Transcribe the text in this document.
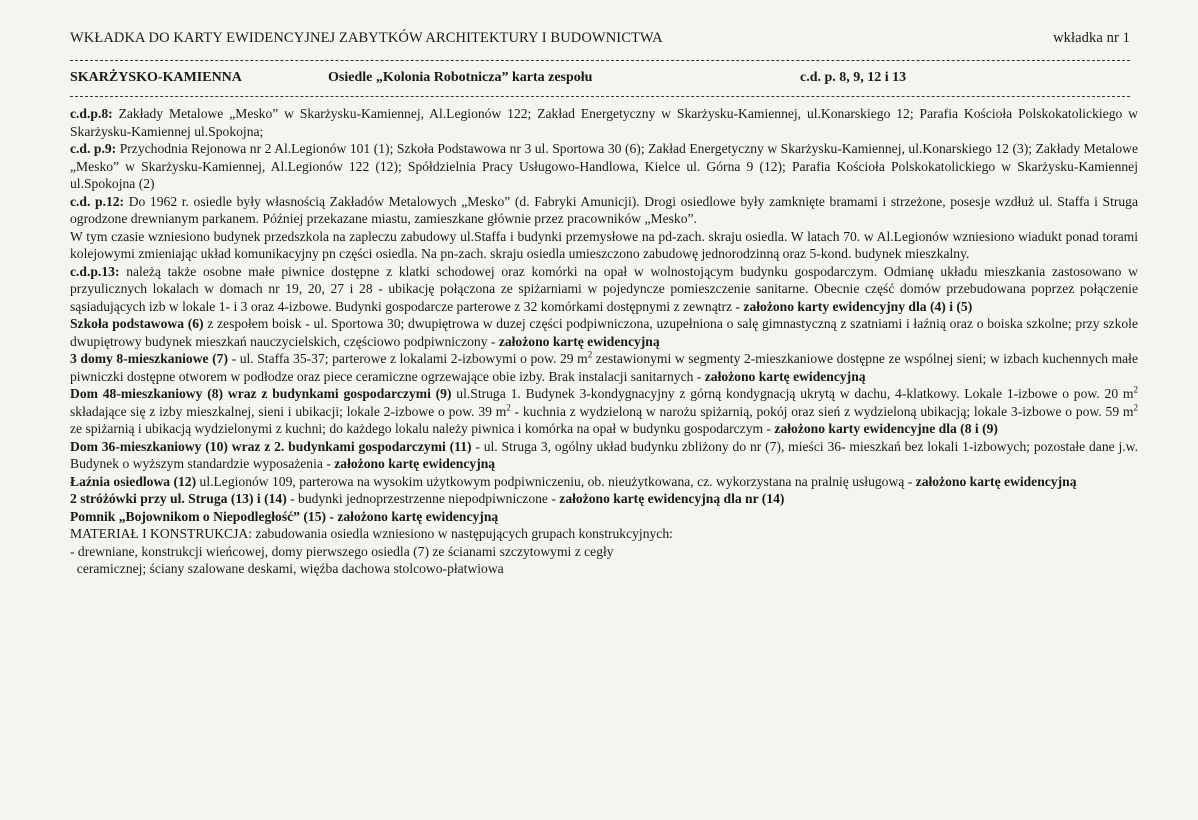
WKŁADKA DO KARTY EWIDENCYJNEJ ZABYTKÓW ARCHITEKTURY I BUDOWNICTWA	wkładka nr 1
SKARŻYSKO-KAMIENNA	Osiedle „Kolonia Robotnicza” karta zespołu	c.d. p. 8, 9, 12 i 13

c.d.p.8: Zakłady Metalowe „Mesko” w Skarżysku-Kamiennej, Al.Legionów 122; Zakład Energetyczny w Skarżysku-Kamiennej, ul.Konarskiego 12; Parafia Kościoła Polskokatolickiego w Skarżysku-Kamiennej ul.Spokojna;

c.d. p.9: Przychodnia Rejonowa nr 2 Al.Legionów 101 (1); Szkoła Podstawowa nr 3 ul. Sportowa 30 (6); Zakład Energetyczny w Skarżysku-Kamiennej, ul.Konarskiego 12 (3); Zakłady Metalowe „Mesko” w Skarżysku-Kamiennej, Al.Legionów 122 (12); Spółdzielnia Pracy Usługowo-Handlowa, Kielce ul. Górna 9 (12); Parafia Kościoła Polskokatolickiego w Skarżysku-Kamiennej ul.Spokojna (2)

c.d. p.12: Do 1962 r. osiedle były własnością Zakładów Metalowych „Mesko” (d. Fabryki Amunicji). Drogi osiedlowe były zamknięte bramami i strzeżone, posesje wzdłuż ul. Staffa i Struga ogrodzone drewnianym parkanem. Później przekazane miastu, zamieszkane głównie przez pracowników „Mesko”.

W tym czasie wzniesiono budynek przedszkola na zapleczu zabudowy ul.Staffa i budynki przemysłowe na pd-zach. skraju osiedla. W latach 70. w Al.Legionów wzniesiono wiadukt ponad torami kolejowymi zmieniając układ komunikacyjny pn części osiedla. Na pn-zach. skraju osiedla umieszczono zabudowę jednorodzinną oraz 5-kond. budynek mieszkalny.

c.d.p.13: należą także osobne małe piwnice dostępne z klatki schodowej oraz komórki na opał w wolnostojącym budynku gospodarczym. Odmianę układu mieszkania zastosowano w przyulicznych lokalach w domach nr 19, 20, 27 i 28 - ubikację połączona ze spiżarniami w pojedyncze pomieszczenie sanitarne. Obecnie część domów przebudowana poprzez połączenie sąsiadujących izb w lokale 1- i 3 oraz 4-izbowe. Budynki gospodarcze parterowe z 32 komórkami dostępnymi z zewnątrz - założono karty ewidencyjny dla (4) i (5)

Szkoła podstawowa (6) z zespołem boisk - ul. Sportowa 30; dwupiętrowa w duzej części podpiwniczona, uzupełniona o salę gimnastyczną z szatniami i łaźnią oraz o boiska szkolne; przy szkole dwupiętrowy budynek mieszkań nauczycielskich, częściowo podpiwniczony - założono kartę ewidencyjną

3 domy 8-mieszkaniowe (7) - ul. Staffa 35-37; parterowe z lokalami 2-izbowymi o pow. 29 $m^2$ zestawionymi w segmenty 2-mieszkaniowe dostępne ze wspólnej sieni; w izbach kuchennych małe piwniczki dostępne otworem w podłodze oraz piece ceramiczne ogrzewające obie izby. Brak instalacji sanitarnych - założono kartę ewidencyjną

Dom 48-mieszkaniowy (8) wraz z budynkami gospodarczymi (9) ul.Struga 1. Budynek 3-kondygnacyjny z górną kondygnacją ukrytą w dachu, 4-klatkowy. Lokale 1-izbowe o pow. 20 $m^2$ składające się z izby mieszkalnej, sieni i ubikacji; lokale 2-izbowe o pow. 39 $m^2$ - kuchnia z wydzieloną w narożu spiżarnią, pokój oraz sień z wydzieloną ubikacją; lokale 3-izbowe o pow. 59 $m^2$ ze spiżarnią i ubikacją wydzielonymi z kuchni; do każdego lokalu należy piwnica i komórka na opał w budynku gospodarczym - założono karty ewidencyjne dla (8 i (9)

Dom 36-mieszkaniowy (10) wraz z 2. budynkami gospodarczymi (11) - ul. Struga 3, ogólny układ budynku zbliżony do nr (7), mieści 36- mieszkań bez lokali 1-izbowych; pozostałe dane j.w. Budynek o wyższym standardzie wyposażenia - założono kartę ewidencyjną

Łaźnia osiedlowa (12) ul.Legionów 109, parterowa na wysokim użytkowym podpiwniczeniu, ob. nieużytkowana, cz. wykorzystana na pralnię usługową - założono kartę ewidencyjną

2 stróżówki przy ul. Struga (13) i (14) - budynki jednoprzestrzenne niepodpiwniczone - założono kartę ewidencyjną dla nr (14)

Pomnik „Bojownikom o Niepodległość” (15) - założono kartę ewidencyjną

MATERIAŁ I KONSTRUKCJA: zabudowania osiedla wzniesiono w następujących grupach konstrukcyjnych:

- drewniane, konstrukcji wieńcowej, domy pierwszego osiedla (7) ze ścianami szczytowymi z cegły

ceramicznej; ściany szalowane deskami, więźba dachowa stolcowo-płatwiowa
